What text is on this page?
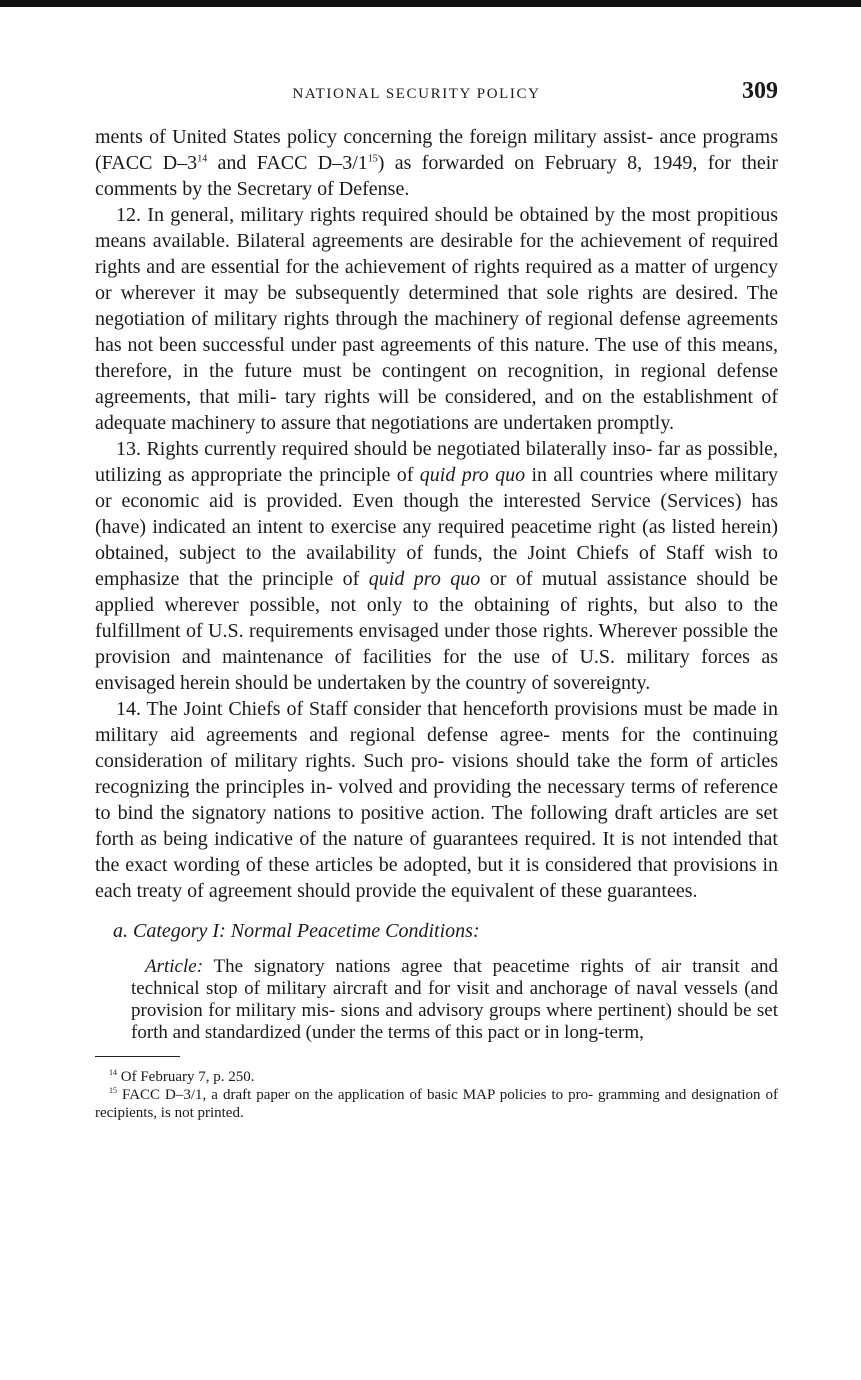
NATIONAL SECURITY POLICY	309

ments of United States policy concerning the foreign military assist- ance programs (FACC $D-3^{14}$ and FACC $D-3/1^{15}$) as forwarded on February 8, 1949, for their comments by the Secretary of Defense.

12. In general, military rights required should be obtained by the most propitious means available. Bilateral agreements are desirable for the achievement of required rights and are essential for the achievement of rights required as a matter of urgency or wherever it may be subsequently determined that sole rights are desired. The negotiation of military rights through the machinery of regional defense agreements has not been successful under past agreements of this nature. The use of this means, therefore, in the future must be contingent on recognition, in regional defense agreements, that mili- tary rights will be considered, and on the establishment of adequate machinery to assure that negotiations are undertaken promptly.

13. Rights currently required should be negotiated bilaterally inso- far as possible, utilizing as appropriate the principle of quid pro quo in all countries where military or economic aid is provided. Even though the interested Service (Services) has (have) indicated an intent to exercise any required peacetime right (as listed herein) obtained, subject to the availability of funds, the Joint Chiefs of Staff wish to emphasize that the principle of quid pro quo or of mutual assistance should be applied wherever possible, not only to the obtaining of rights, but also to the fulfillment of U.S. requirements envisaged under those rights. Wherever possible the provision and maintenance of facilities for the use of U.S. military forces as envisaged herein should be undertaken by the country of sovereignty.

14. The Joint Chiefs of Staff consider that henceforth provisions must be made in military aid agreements and regional defense agree- ments for the continuing consideration of military rights. Such pro- visions should take the form of articles recognizing the principles in- volved and providing the necessary terms of reference to bind the signatory nations to positive action. The following draft articles are set forth as being indicative of the nature of guarantees required. It is not intended that the exact wording of these articles be adopted, but it is considered that provisions in each treaty of agreement should provide the equivalent of these guarantees.

a. Category I: Normal Peacetime Conditions:

Article: The signatory nations agree that peacetime rights of air transit and technical stop of military aircraft and for visit and anchorage of naval vessels (and provision for military mis- sions and advisory groups where pertinent) should be set forth and standardized (under the terms of this pact or in long-term,

$^{14}$ Of February 7, p. 250.

$^{15}$ FACC D–3/1, a draft paper on the application of basic MAP policies to pro- gramming and designation of recipients, is not printed.
